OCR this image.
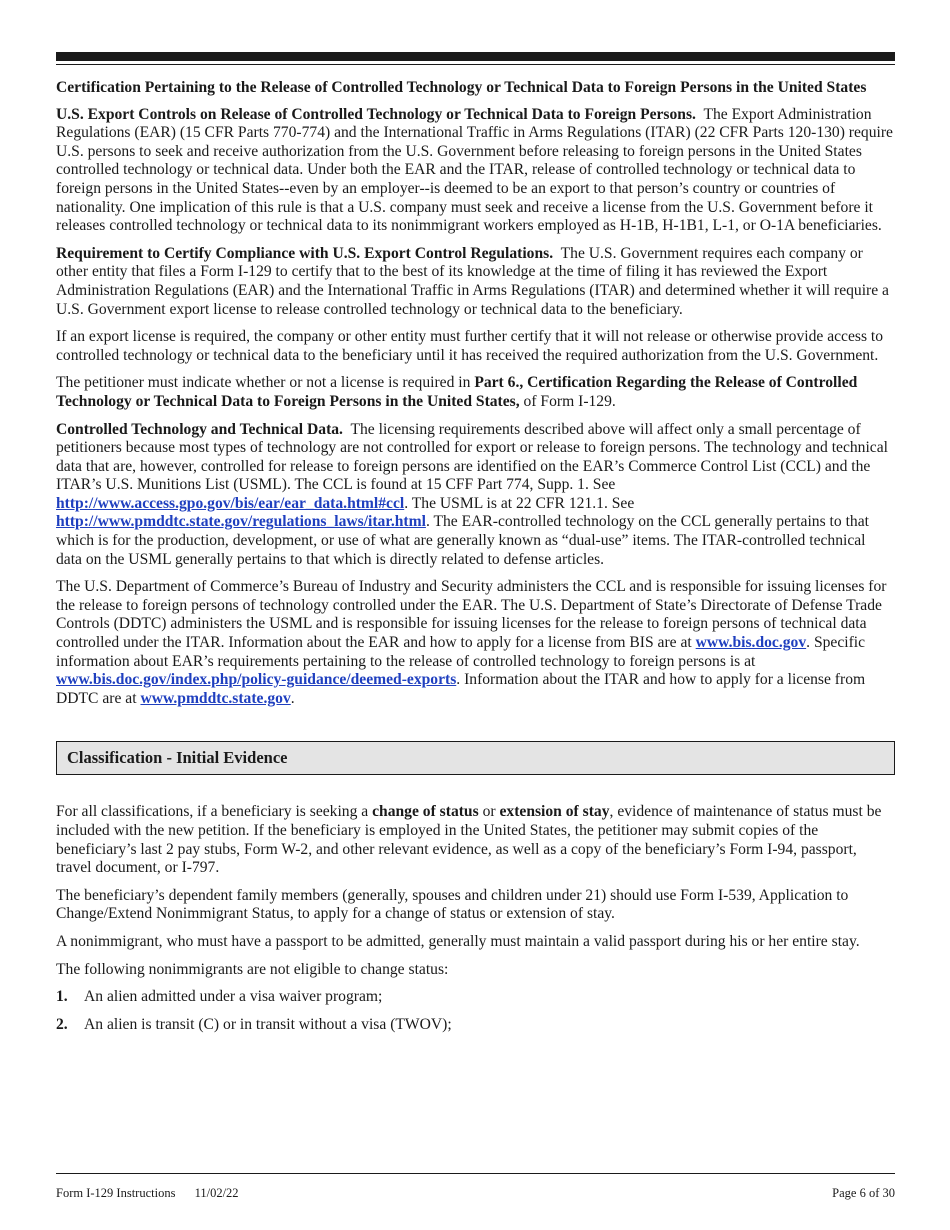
Certification Pertaining to the Release of Controlled Technology or Technical Data to Foreign Persons in the United States

U.S. Export Controls on Release of Controlled Technology or Technical Data to Foreign Persons. The Export Administration Regulations (EAR) (15 CFR Parts 770-774) and the International Traffic in Arms Regulations (ITAR) (22 CFR Parts 120-130) require U.S. persons to seek and receive authorization from the U.S. Government before releasing to foreign persons in the United States controlled technology or technical data. Under both the EAR and the ITAR, release of controlled technology or technical data to foreign persons in the United States--even by an employer--is deemed to be an export to that person’s country or countries of nationality. One implication of this rule is that a U.S. company must seek and receive a license from the U.S. Government before it releases controlled technology or technical data to its nonimmigrant workers employed as H-1B, H-1B1, L-1, or O-1A beneficiaries.

Requirement to Certify Compliance with U.S. Export Control Regulations. The U.S. Government requires each company or other entity that files a Form I-129 to certify that to the best of its knowledge at the time of filing it has reviewed the Export Administration Regulations (EAR) and the International Traffic in Arms Regulations (ITAR) and determined whether it will require a U.S. Government export license to release controlled technology or technical data to the beneficiary.

If an export license is required, the company or other entity must further certify that it will not release or otherwise provide access to controlled technology or technical data to the beneficiary until it has received the required authorization from the U.S. Government.

The petitioner must indicate whether or not a license is required in Part 6., Certification Regarding the Release of Controlled Technology or Technical Data to Foreign Persons in the United States, of Form I-129.

Controlled Technology and Technical Data. The licensing requirements described above will affect only a small percentage of petitioners because most types of technology are not controlled for export or release to foreign persons. The technology and technical data that are, however, controlled for release to foreign persons are identified on the EAR’s Commerce Control List (CCL) and the ITAR’s U.S. Munitions List (USML). The CCL is found at 15 CFF Part 774, Supp. 1. See http://www.access.gpo.gov/bis/ear/ear_data.html#ccl. The USML is at 22 CFR 121.1. See http://www.pmddtc.state.gov/regulations_laws/itar.html. The EAR-controlled technology on the CCL generally pertains to that which is for the production, development, or use of what are generally known as “dual-use” items. The ITAR-controlled technical data on the USML generally pertains to that which is directly related to defense articles.

The U.S. Department of Commerce’s Bureau of Industry and Security administers the CCL and is responsible for issuing licenses for the release to foreign persons of technology controlled under the EAR. The U.S. Department of State’s Directorate of Defense Trade Controls (DDTC) administers the USML and is responsible for issuing licenses for the release to foreign persons of technical data controlled under the ITAR. Information about the EAR and how to apply for a license from BIS are at www.bis.doc.gov. Specific information about EAR’s requirements pertaining to the release of controlled technology to foreign persons is at www.bis.doc.gov/index.php/policy-guidance/deemed-exports. Information about the ITAR and how to apply for a license from DDTC are at www.pmddtc.state.gov.

Classification - Initial Evidence

For all classifications, if a beneficiary is seeking a change of status or extension of stay, evidence of maintenance of status must be included with the new petition. If the beneficiary is employed in the United States, the petitioner may submit copies of the beneficiary’s last 2 pay stubs, Form W-2, and other relevant evidence, as well as a copy of the beneficiary’s Form I-94, passport, travel document, or I-797.

The beneficiary’s dependent family members (generally, spouses and children under 21) should use Form I-539, Application to Change/Extend Nonimmigrant Status, to apply for a change of status or extension of stay.

A nonimmigrant, who must have a passport to be admitted, generally must maintain a valid passport during his or her entire stay.

The following nonimmigrants are not eligible to change status:

1.	An alien admitted under a visa waiver program;
2.	An alien is transit (C) or in transit without a visa (TWOV);
Form I-129 Instructions 11/02/22	Page 6 of 30
